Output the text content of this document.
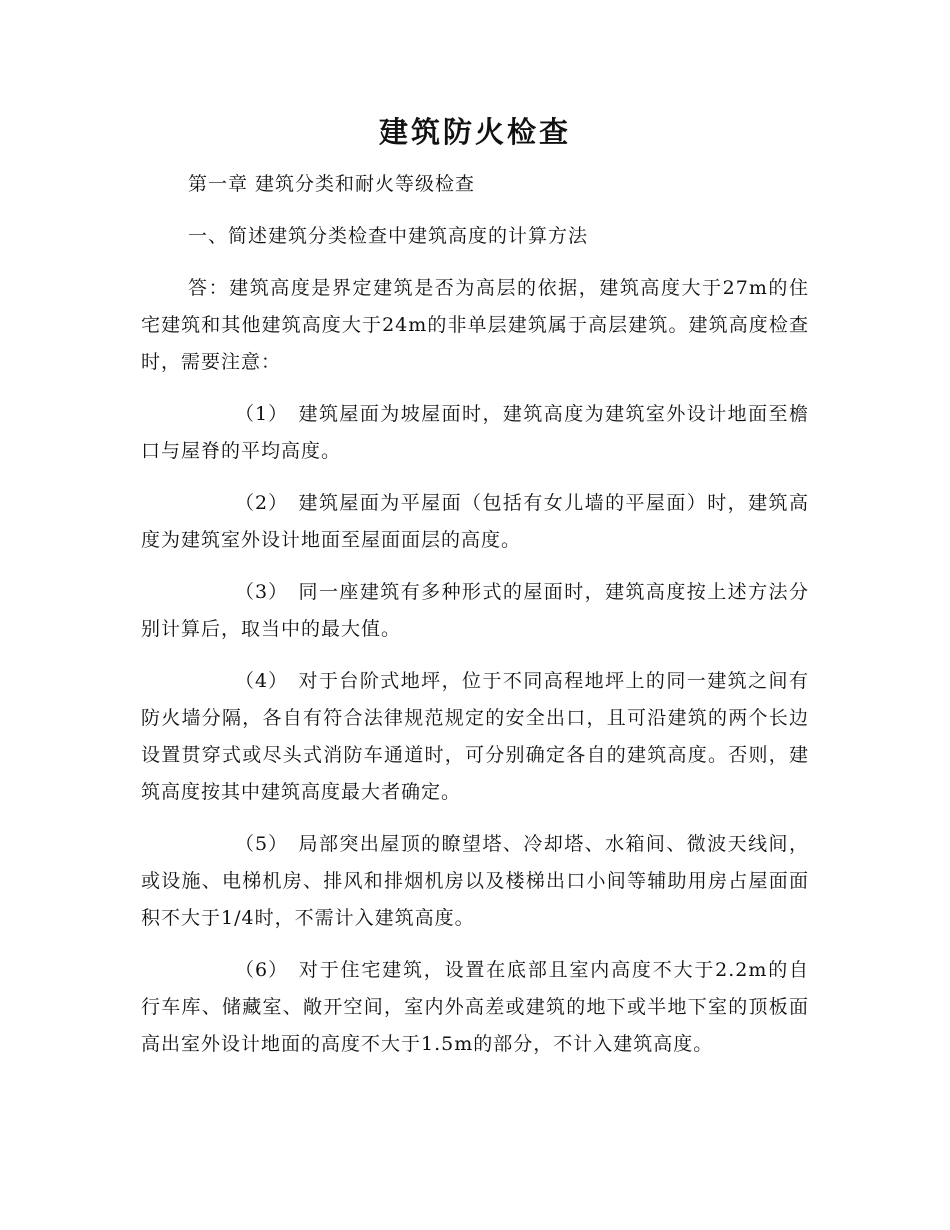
建筑防火检查

第一章 建筑分类和耐火等级检查

一、简述建筑分类检查中建筑高度的计算方法

答：建筑高度是界定建筑是否为高层的依据，建筑高度大于27m的住宅建筑和其他建筑高度大于24m的非单层建筑属于高层建筑。建筑高度检查时，需要注意：

（1） 建筑屋面为坡屋面时，建筑高度为建筑室外设计地面至檐口与屋脊的平均高度。

（2） 建筑屋面为平屋面（包括有女儿墙的平屋面）时，建筑高度为建筑室外设计地面至屋面面层的高度。

（3） 同一座建筑有多种形式的屋面时，建筑高度按上述方法分别计算后，取当中的最大值。

（4） 对于台阶式地坪，位于不同高程地坪上的同一建筑之间有防火墙分隔，各自有符合法律规范规定的安全出口，且可沿建筑的两个长边设置贯穿式或尽头式消防车通道时，可分别确定各自的建筑高度。否则，建筑高度按其中建筑高度最大者确定。

（5） 局部突出屋顶的瞭望塔、冷却塔、水箱间、微波天线间，或设施、电梯机房、排风和排烟机房以及楼梯出口小间等辅助用房占屋面面积不大于1/4时，不需计入建筑高度。

（6） 对于住宅建筑，设置在底部且室内高度不大于2.2m的自行车库、储藏室、敞开空间，室内外高差或建筑的地下或半地下室的顶板面高出室外设计地面的高度不大于1.5m的部分，不计入建筑高度。
